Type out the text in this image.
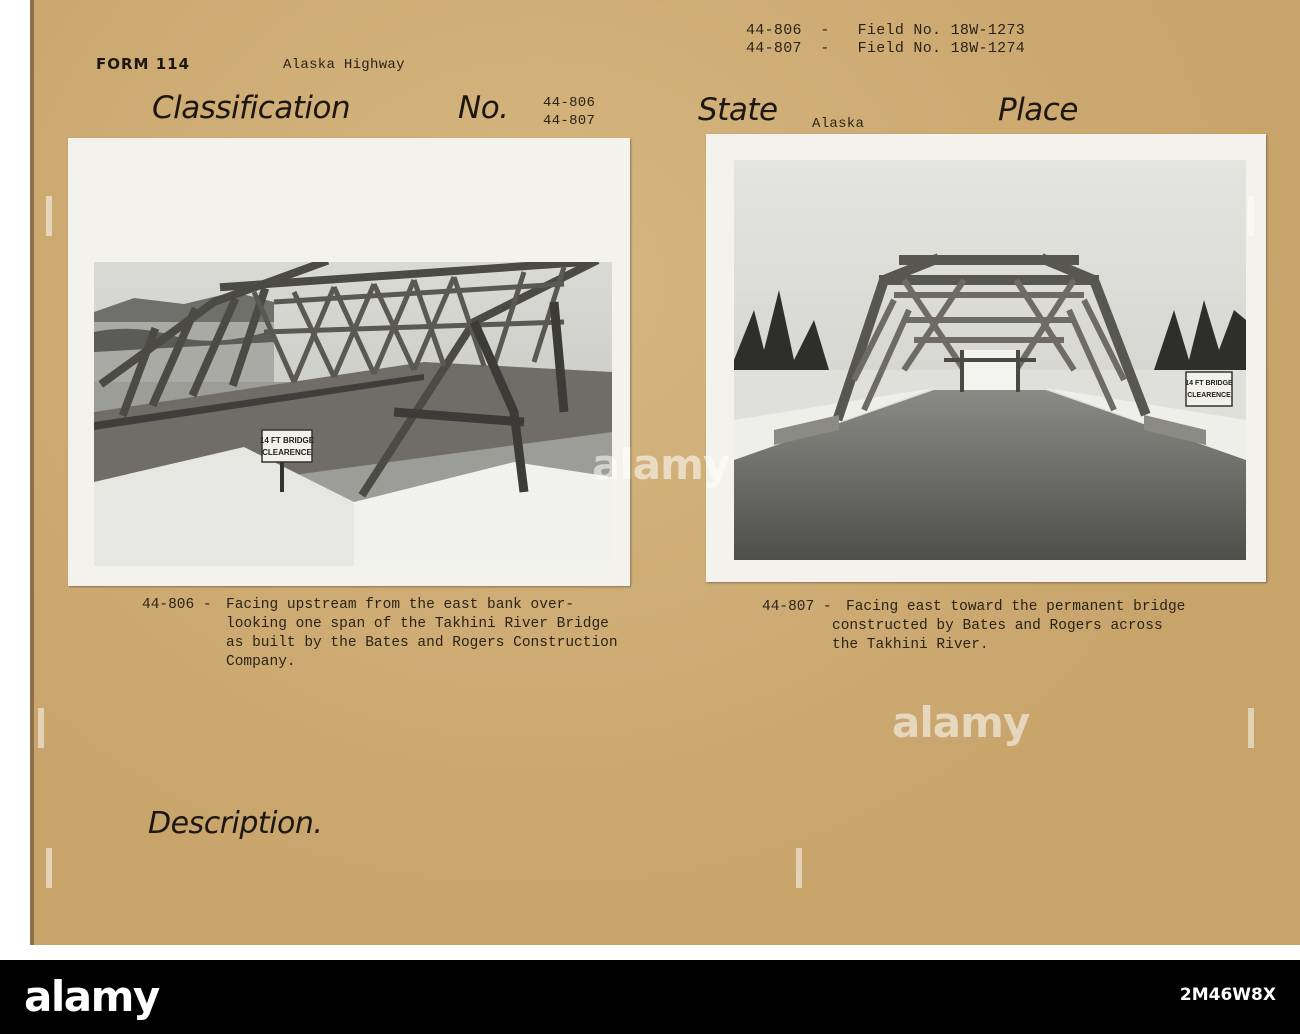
FORM 114	Alaska Highway
44-806  -   Field No. 18W-1273
44-807  -   Field No. 18W-1274
Classification	No. 44-806
44-807	State Alaska	Place
14 FT BRIDGE
CLEARENCE
14 FT BRIDGE
CLEARENCE
44-806 - Facing upstream from the east bank over-
looking one span of the Takhini River Bridge
as built by the Bates and Rogers Construction
Company.
44-807 - Facing east toward the permanent bridge
constructed by Bates and Rogers across
the Takhini River.
Description.
alamy
alamy
alamy	2M46W8X
